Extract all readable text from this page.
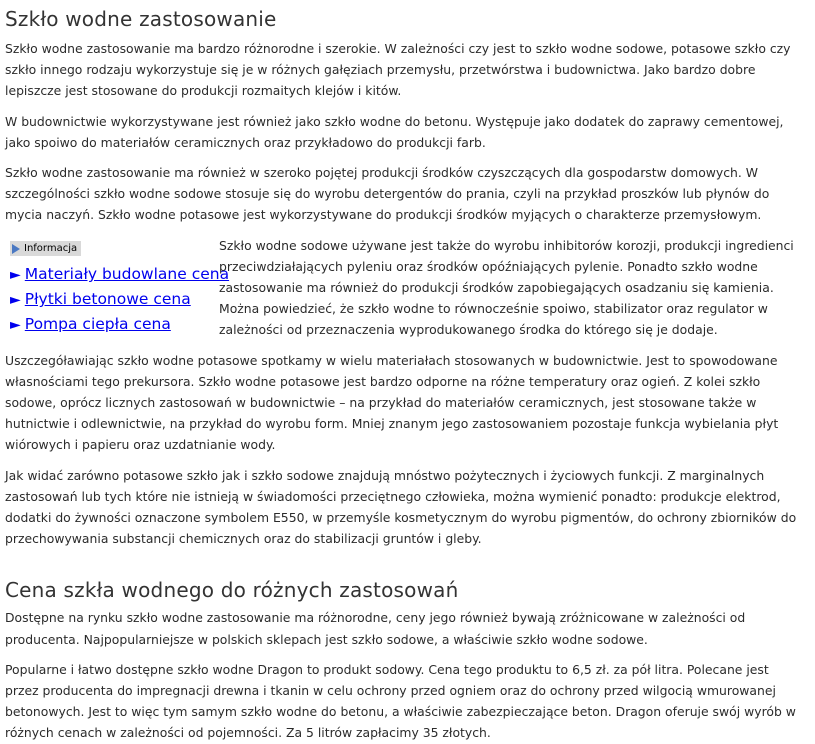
Szkło wodne zastosowanie

Szkło wodne zastosowanie ma bardzo różnorodne i szerokie. W zależności czy jest to szkło wodne sodowe, potasowe szkło czy szkło innego rodzaju wykorzystuje się je w różnych gałęziach przemysłu, przetwórstwa i budownictwa. Jako bardzo dobre lepiszcze jest stosowane do produkcji rozmaitych klejów i kitów.

W budownictwie wykorzystywane jest również jako szkło wodne do betonu. Występuje jako dodatek do zaprawy cementowej, jako spoiwo do materiałów ceramicznych oraz przykładowo do produkcji farb.

Szkło wodne zastosowanie ma również w szeroko pojętej produkcji środków czyszczących dla gospodarstw domowych. W szczególności szkło wodne sodowe stosuje się do wyrobu detergentów do prania, czyli na przykład proszków lub płynów do mycia naczyń. Szkło wodne potasowe jest wykorzystywane do produkcji środków myjących o charakterze przemysłowym.

Informacja
► Materiały budowlane cena
► Płytki betonowe cena
► Pompa ciepła cena

Szkło wodne sodowe używane jest także do wyrobu inhibitorów korozji, produkcji ingredienci przeciwdziałających pyleniu oraz środków opóźniających pylenie. Ponadto szkło wodne zastosowanie ma również do produkcji środków zapobiegających osadzaniu się kamienia. Można powiedzieć, że szkło wodne to równocześnie spoiwo, stabilizator oraz regulator w zależności od przeznaczenia wyprodukowanego środka do którego się je dodaje.

Uszczegóławiając szkło wodne potasowe spotkamy w wielu materiałach stosowanych w budownictwie. Jest to spowodowane własnościami tego prekursora. Szkło wodne potasowe jest bardzo odporne na różne temperatury oraz ogień. Z kolei szkło sodowe, oprócz licznych zastosowań w budownictwie – na przykład do materiałów ceramicznych, jest stosowane także w hutnictwie i odlewnictwie, na przykład do wyrobu form. Mniej znanym jego zastosowaniem pozostaje funkcja wybielania płyt wiórowych i papieru oraz uzdatnianie wody.

Jak widać zarówno potasowe szkło jak i szkło sodowe znajdują mnóstwo pożytecznych i życiowych funkcji. Z marginalnych zastosowań lub tych które nie istnieją w świadomości przeciętnego człowieka, można wymienić ponadto: produkcje elektrod, dodatki do żywności oznaczone symbolem E550, w przemyśle kosmetycznym do wyrobu pigmentów, do ochrony zbiorników do przechowywania substancji chemicznych oraz do stabilizacji gruntów i gleby.

Cena szkła wodnego do różnych zastosowań

Dostępne na rynku szkło wodne zastosowanie ma różnorodne, ceny jego również bywają zróżnicowane w zależności od producenta. Najpopularniejsze w polskich sklepach jest szkło sodowe, a właściwie szkło wodne sodowe.

Popularne i łatwo dostępne szkło wodne Dragon to produkt sodowy. Cena tego produktu to 6,5 zł. za pół litra. Polecane jest przez producenta do impregnacji drewna i tkanin w celu ochrony przed ogniem oraz do ochrony przed wilgocią wmurowanej betonowych. Jest to więc tym samym szkło wodne do betonu, a właściwie zabezpieczające beton. Dragon oferuje swój wyrób w różnych cenach w zależności od pojemności. Za 5 litrów zapłacimy 35 złotych.
